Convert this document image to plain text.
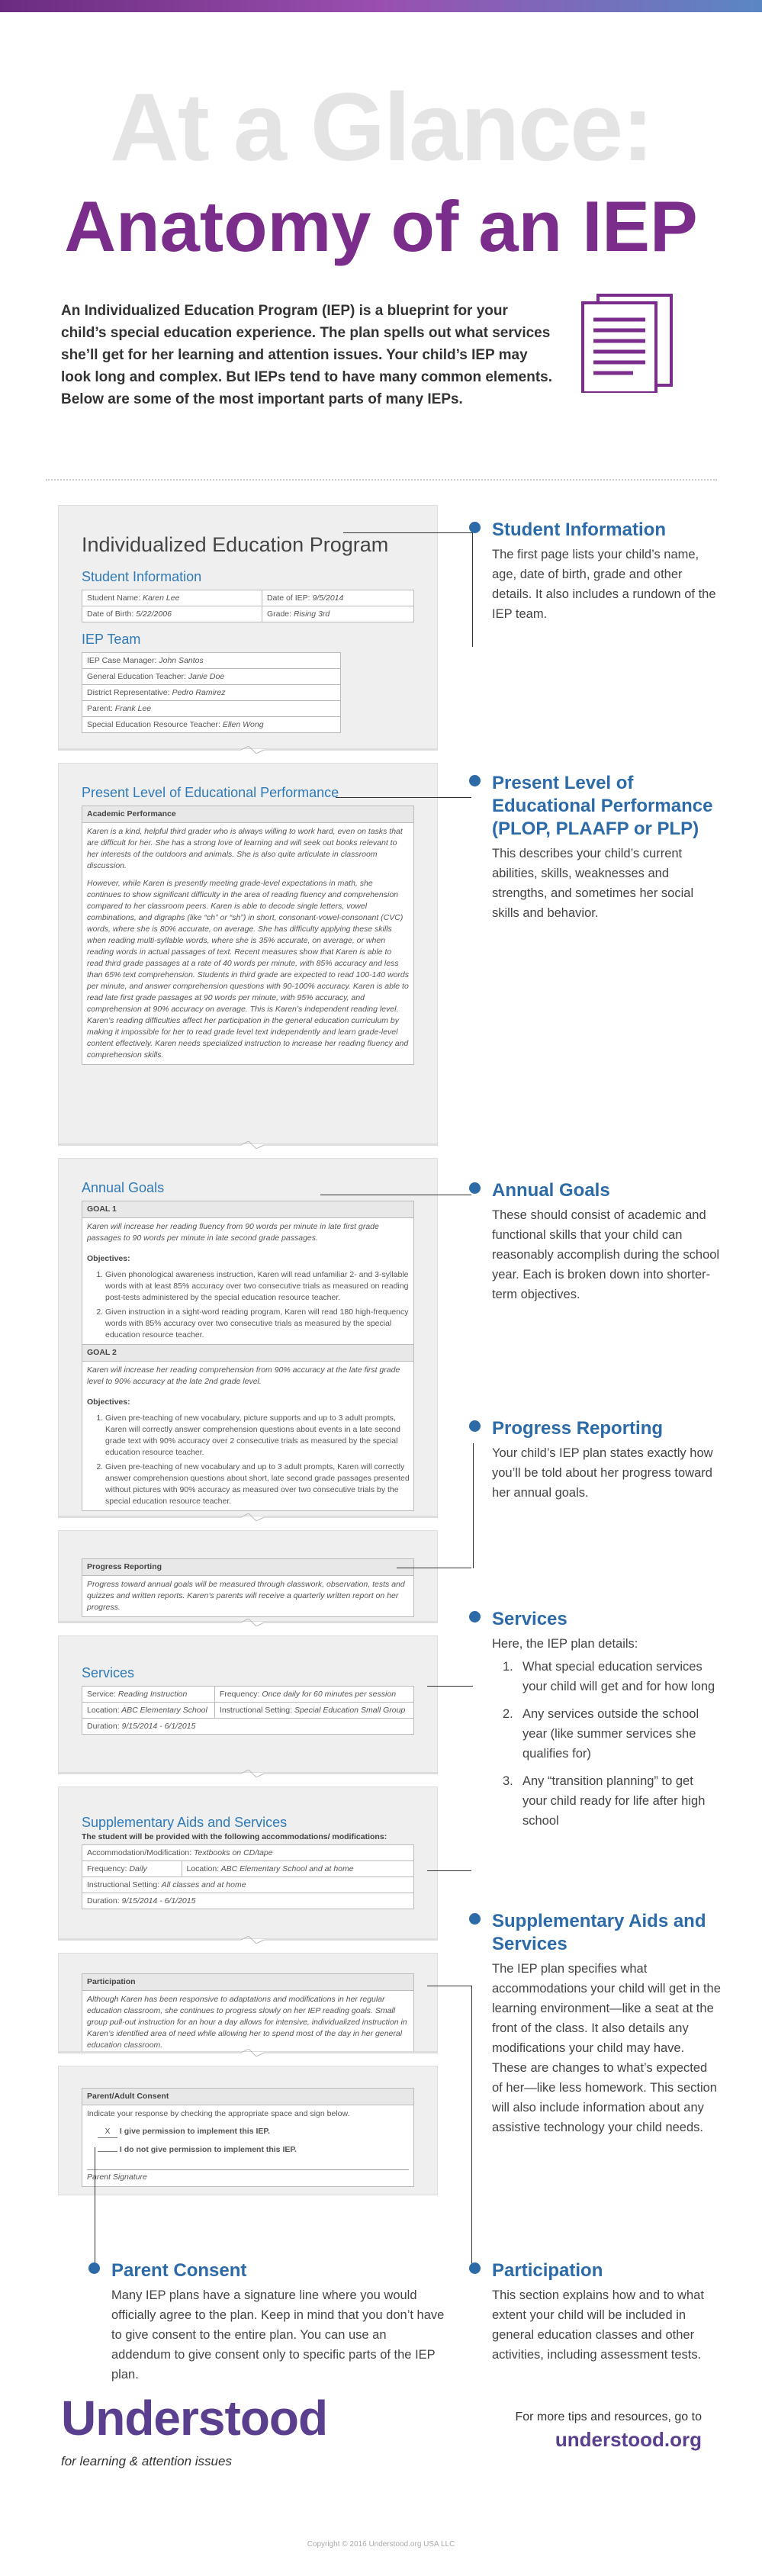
At a Glance:
Anatomy of an IEP
An Individualized Education Program (IEP) is a blueprint for your child’s special education experience. The plan spells out what services she’ll get for her learning and attention issues. Your child’s IEP may look long and complex. But IEPs tend to have many common elements. Below are some of the most important parts of many IEPs.
Individualized Education Program
Student Information
Student Name: Karen Lee	Date of IEP: 9/5/2014
Date of Birth: 5/22/2006	Grade: Rising 3rd
IEP Team
IEP Case Manager: John Santos
General Education Teacher: Janie Doe
District Representative: Pedro Ramirez
Parent: Frank Lee
Special Education Resource Teacher: Ellen Wong
Present Level of Educational Performance
Academic Performance
Karen is a kind, helpful third grader who is always willing to work hard, even on tasks that are difficult for her. She has a strong love of learning and will seek out books relevant to her interests of the outdoors and animals. She is also quite articulate in classroom discussion.
However, while Karen is presently meeting grade-level expectations in math, she continues to show significant difficulty in the area of reading fluency and comprehension compared to her classroom peers. Karen is able to decode single letters, vowel combinations, and digraphs (like “ch” or “sh”) in short, consonant-vowel-consonant (CVC) words, where she is 80% accurate, on average. She has difficulty applying these skills when reading multi-syllable words, where she is 35% accurate, on average, or when reading words in actual passages of text. Recent measures show that Karen is able to read third grade passages at a rate of 40 words per minute, with 85% accuracy and less than 65% text comprehension. Students in third grade are expected to read 100-140 words per minute, and answer comprehension questions with 90-100% accuracy. Karen is able to read late first grade passages at 90 words per minute, with 95% accuracy, and comprehension at 90% accuracy on average. This is Karen’s independent reading level. Karen’s reading difficulties affect her participation in the general education curriculum by making it impossible for her to read grade level text independently and learn grade-level content effectively. Karen needs specialized instruction to increase her reading fluency and comprehension skills.
Annual Goals
GOAL 1
Karen will increase her reading fluency from 90 words per minute in late first grade passages to 90 words per minute in late second grade passages.
Objectives:
1. Given phonological awareness instruction, Karen will read unfamiliar 2- and 3-syllable words with at least 85% accuracy over two consecutive trials as measured on reading post-tests administered by the special education resource teacher.
2. Given instruction in a sight-word reading program, Karen will read 180 high-frequency words with 85% accuracy over two consecutive trials as measured by the special education resource teacher.
GOAL 2
Karen will increase her reading comprehension from 90% accuracy at the late first grade level to 90% accuracy at the late 2nd grade level.
Objectives:
1. Given pre-teaching of new vocabulary, picture supports and up to 3 adult prompts, Karen will correctly answer comprehension questions about events in a late second grade text with 90% accuracy over 2 consecutive trials as measured by the special education resource teacher.
2. Given pre-teaching of new vocabulary and up to 3 adult prompts, Karen will correctly answer comprehension questions about short, late second grade passages presented without pictures with 90% accuracy as measured over two consecutive trials by the special education resource teacher.
Progress Reporting
Progress toward annual goals will be measured through classwork, observation, tests and quizzes and written reports. Karen’s parents will receive a quarterly written report on her progress.
Services
Service: Reading Instruction	Frequency: Once daily for 60 minutes per session
Location: ABC Elementary School	Instructional Setting: Special Education Small Group
Duration: 9/15/2014 - 6/1/2015	
Supplementary Aids and Services
The student will be provided with the following accommodations/ modifications:
Accommodation/Modification: Textbooks on CD/tape
Frequency: Daily	Location: ABC Elementary School and at home
Instructional Setting: All classes and at home
Duration: 9/15/2014 - 6/1/2015
Participation
Although Karen has been responsive to adaptations and modifications in her regular education classroom, she continues to progress slowly on her IEP reading goals. Small group pull-out instruction for an hour a day allows for intensive, individualized instruction in Karen’s identified area of need while allowing her to spend most of the day in her general education classroom.
Parent/Adult Consent
Indicate your response by checking the appropriate space and sign below.
X I give permission to implement this IEP.
I do not give permission to implement this IEP.
Parent Signature
Student Information

The first page lists your child’s name, age, date of birth, grade and other details. It also includes a rundown of the IEP team.

Present Level of Educational Performance (PLOP, PLAAFP or PLP)

This describes your child’s current abilities, skills, weaknesses and strengths, and sometimes her social skills and behavior.

Annual Goals

These should consist of academic and functional skills that your child can reasonably accomplish during the school year. Each is broken down into shorter-term objectives.

Progress Reporting

Your child’s IEP plan states exactly how you’ll be told about her progress toward her annual goals.

Services

Here, the IEP plan details:

1. What special education services your child will get and for how long
2. Any services outside the school year (like summer services she qualifies for)
3. Any “transition planning” to get your child ready for life after high school
Supplementary Aids and Services

The IEP plan specifies what accommodations your child will get in the learning environment—like a seat at the front of the class. It also details any modifications your child may have. These are changes to what’s expected of her—like less homework. This section will also include information about any assistive technology your child needs.

Participation

This section explains how and to what extent your child will be included in general education classes and other activities, including assessment tests.

Parent Consent

Many IEP plans have a signature line where you would officially agree to the plan. Keep in mind that you don’t have to give consent to the entire plan. You can use an addendum to give consent only to specific parts of the IEP plan.

Understood
for learning & attention issues
For more tips and resources, go to
understood.org
Copyright © 2016 Understood.org USA LLC
